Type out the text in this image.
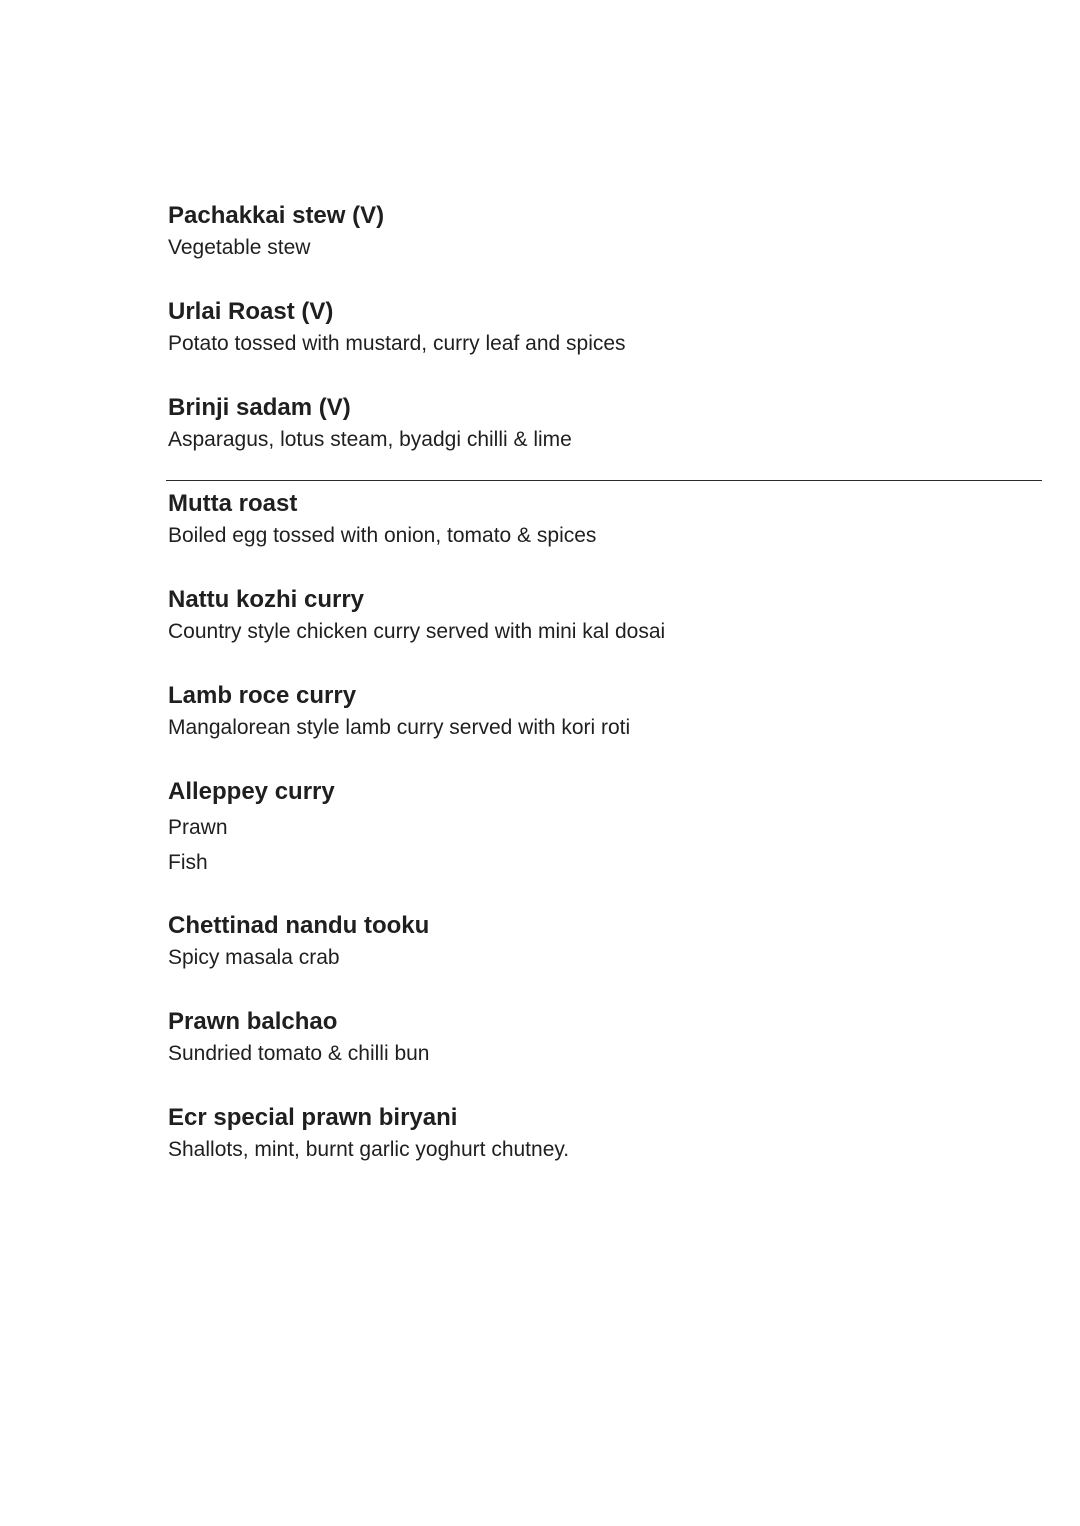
Pachakkai stew (V)
Vegetable stew
Urlai Roast (V)
Potato tossed with mustard, curry leaf and spices
Brinji sadam (V)
Asparagus, lotus steam, byadgi chilli & lime
Mutta roast
Boiled egg tossed with onion, tomato & spices
Nattu kozhi curry
Country style chicken curry served with mini kal dosai
Lamb roce curry
Mangalorean style lamb curry served with kori roti
Alleppey curry
Prawn
Fish
Chettinad nandu tooku
Spicy masala crab
Prawn balchao
Sundried tomato & chilli bun
Ecr special prawn biryani
Shallots, mint, burnt garlic yoghurt chutney.
